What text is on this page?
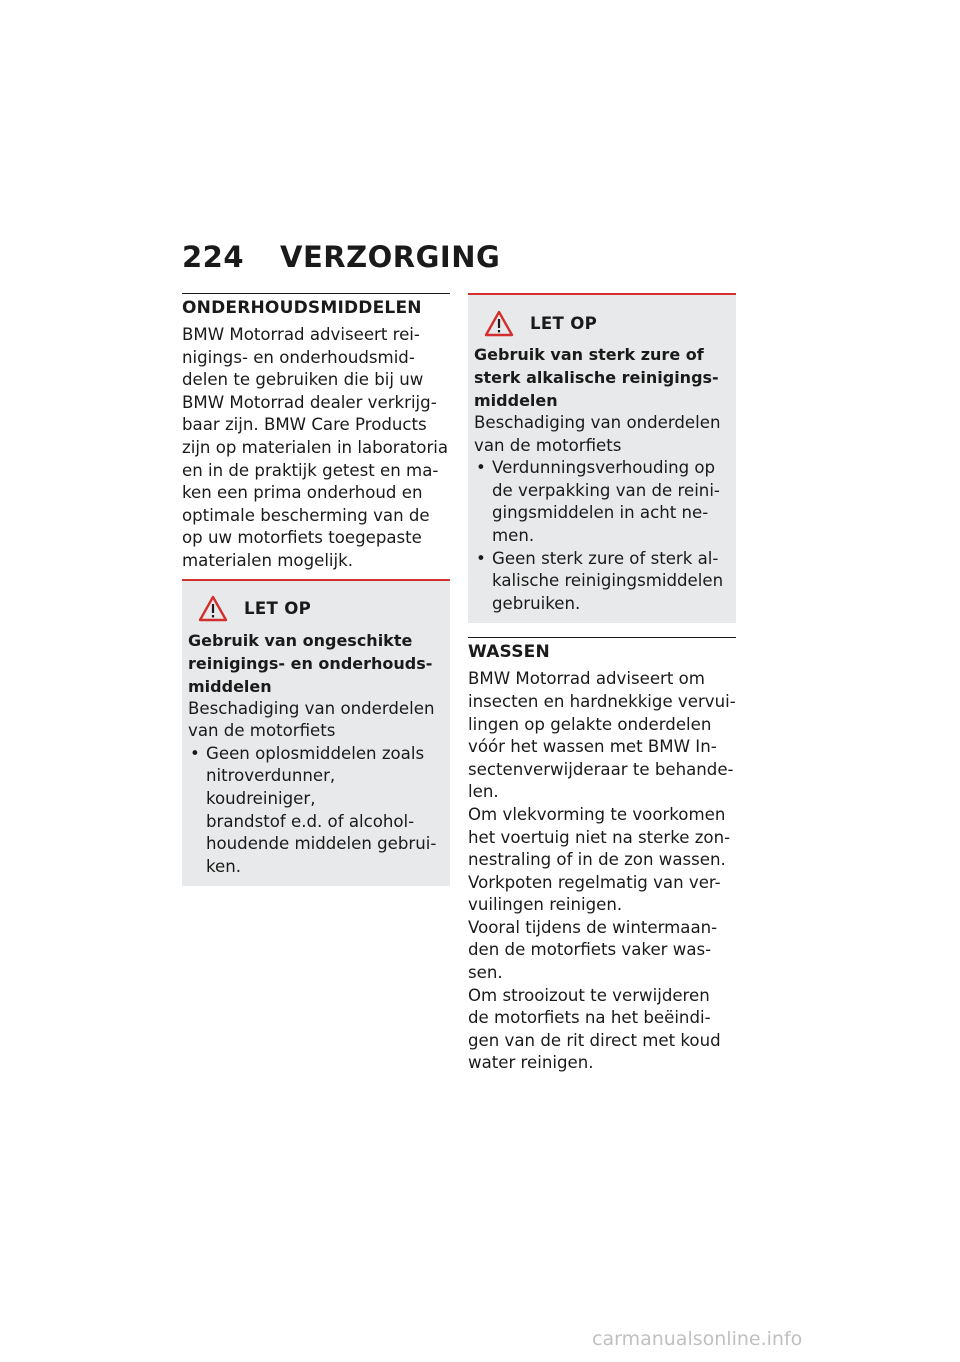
224 VERZORGING
ONDERHOUDSMIDDELEN

BMW Motorrad adviseert rei-
nigings- en onderhoudsmid-
delen te gebruiken die bij uw
BMW Motorrad dealer verkrijg-
baar zijn. BMW Care Products
zijn op materialen in laboratoria
en in de praktijk getest en ma-
ken een prima onderhoud en
optimale bescherming van de
op uw motorfiets toegepaste
materialen mogelijk.

LET OP

Gebruik van ongeschikte
reinigings- en onderhouds-
middelen

Beschadiging van onderdelen
van de motorfiets

• Geen oplosmiddelen zoals
nitroverdunner, koudreiniger,
brandstof e.d. of alcohol-
houdende middelen gebrui-
ken.
LET OP

Gebruik van sterk zure of
sterk alkalische reinigings-
middelen

Beschadiging van onderdelen
van de motorfiets

• Verdunningsverhouding op
de verpakking van de reini-
gingsmiddelen in acht ne-
men.
• Geen sterk zure of sterk al-
kalische reinigingsmiddelen
gebruiken.
WASSEN

BMW Motorrad adviseert om
insecten en hardnekkige vervui-
lingen op gelakte onderdelen
vóór het wassen met BMW In-
sectenverwijderaar te behande-
len.
Om vlekvorming te voorkomen
het voertuig niet na sterke zon-
nestraling of in de zon wassen.
Vorkpoten regelmatig van ver-
vuilingen reinigen.
Vooral tijdens de wintermaan-
den de motorfiets vaker was-
sen.
Om strooizout te verwijderen
de motorfiets na het beëindi-
gen van de rit direct met koud
water reinigen.

carmanualsonline.info
